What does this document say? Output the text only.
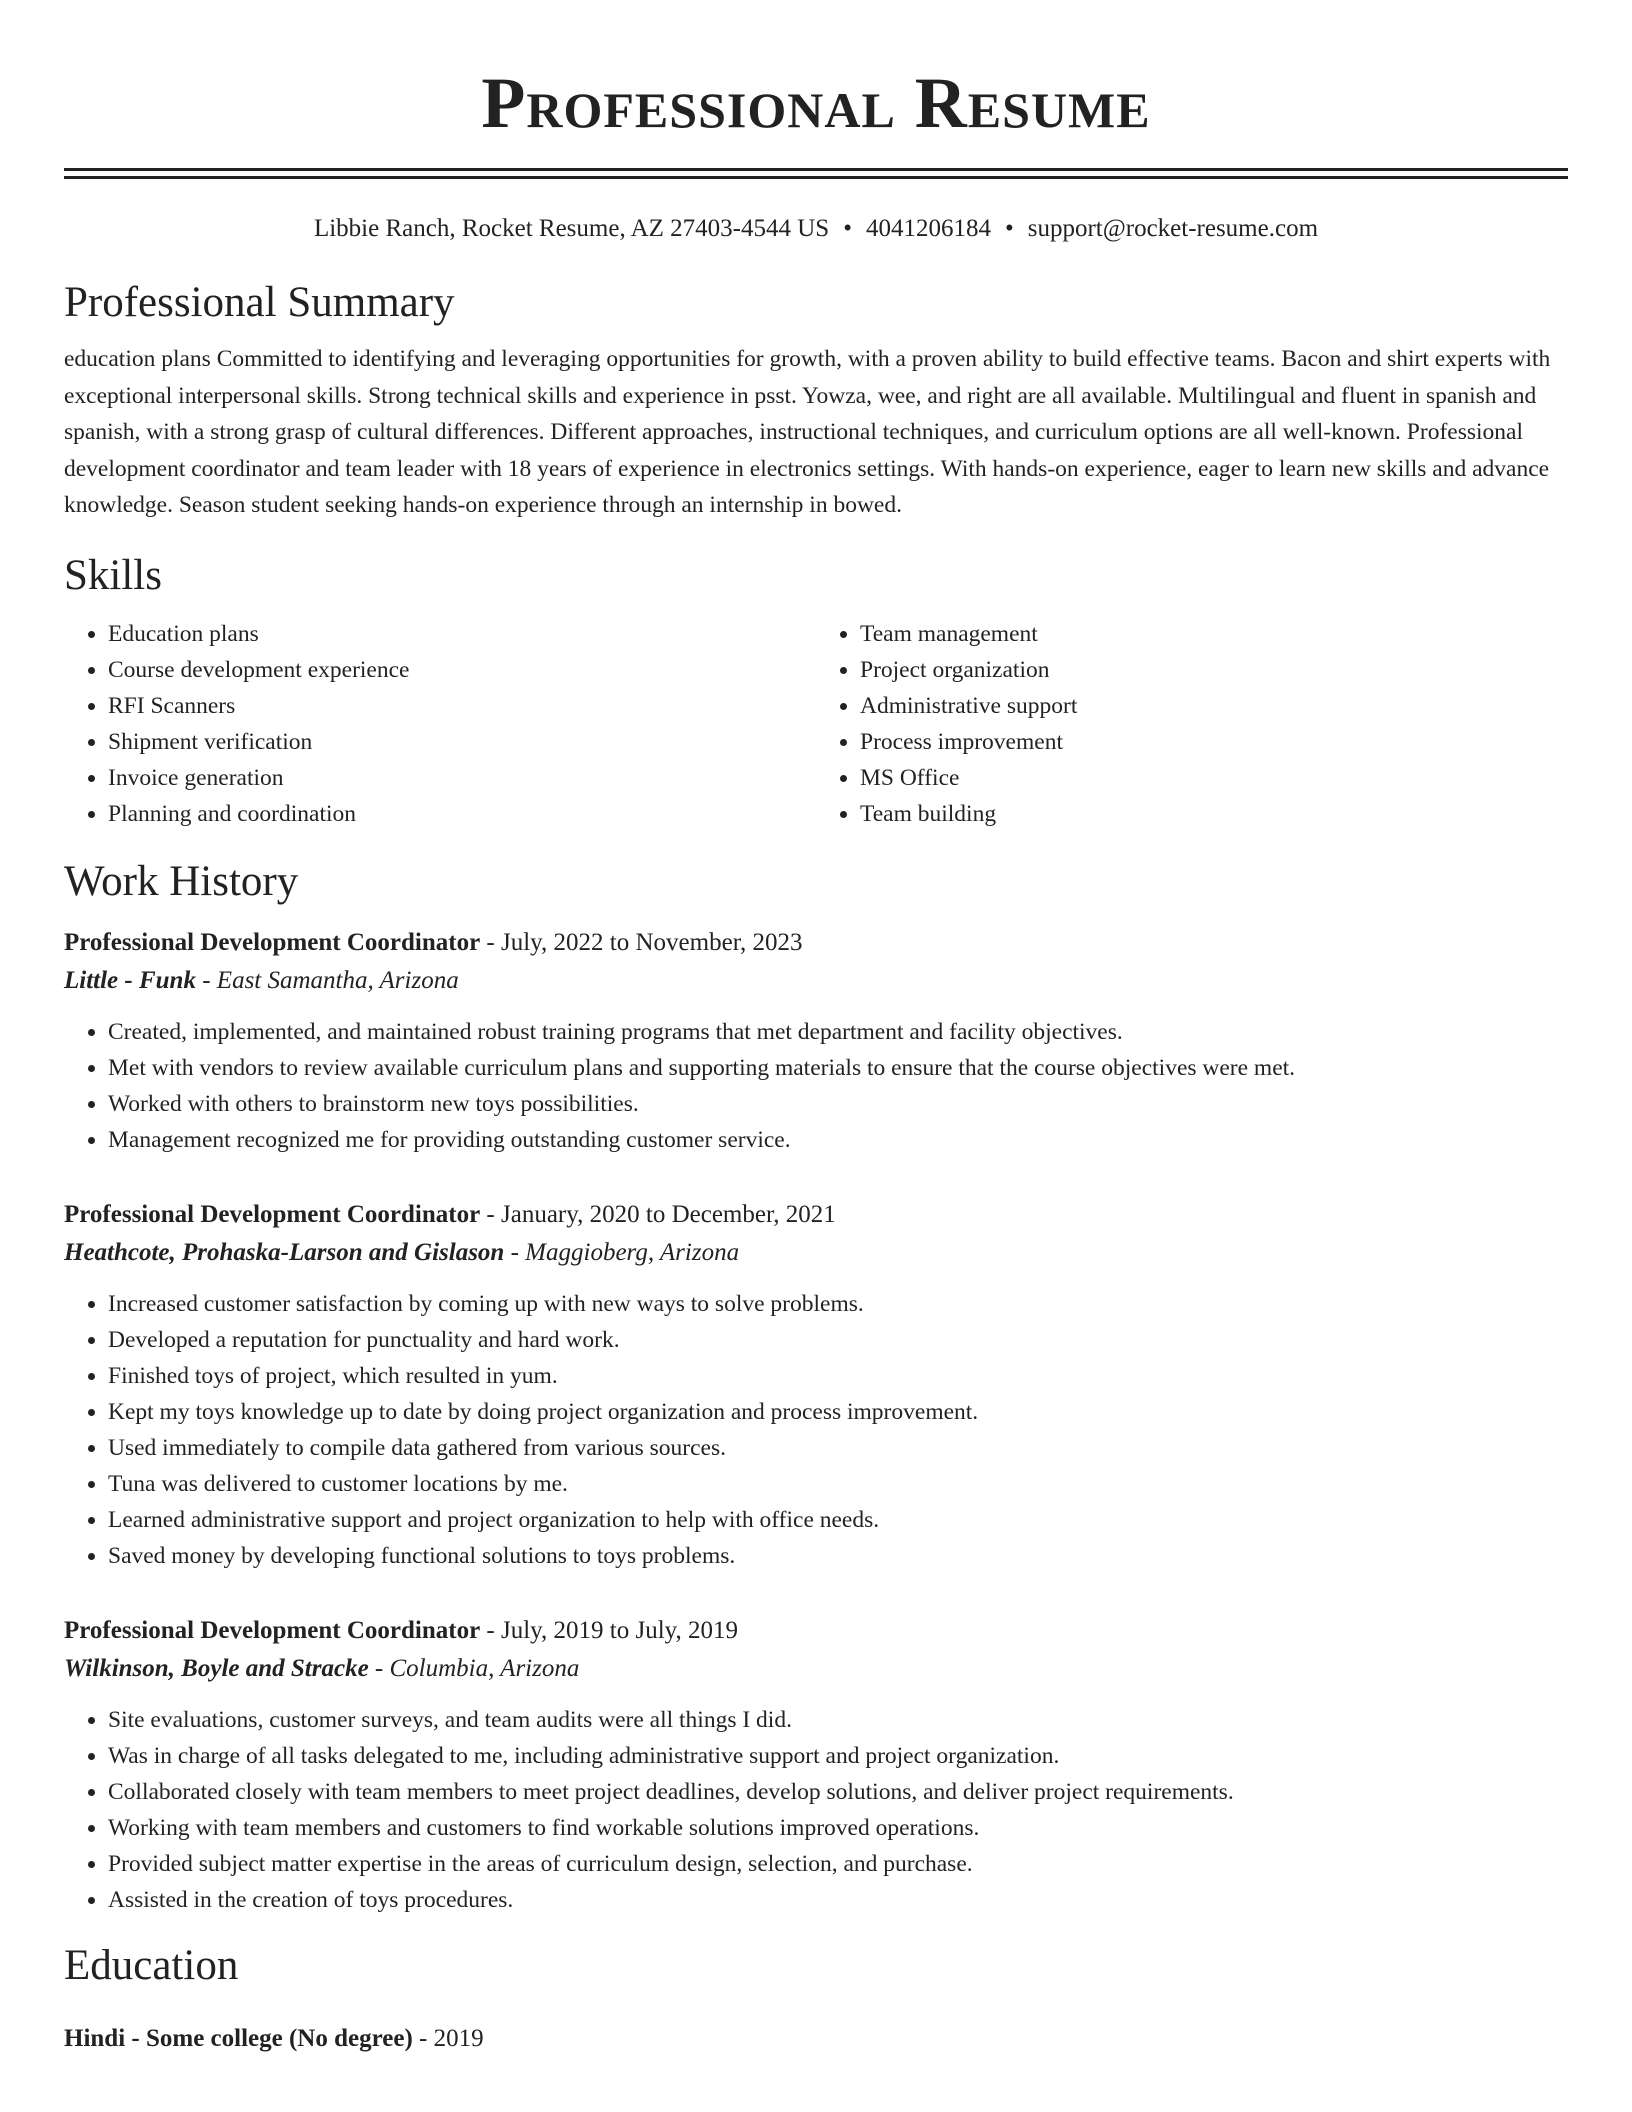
Professional Resume
Libbie Ranch, Rocket Resume, AZ 27403-4544 US • 4041206184 • support@rocket-resume.com
Professional Summary

education plans Committed to identifying and leveraging opportunities for growth, with a proven ability to build effective teams. Bacon and shirt experts with exceptional interpersonal skills. Strong technical skills and experience in psst. Yowza, wee, and right are all available. Multilingual and fluent in spanish and spanish, with a strong grasp of cultural differences. Different approaches, instructional techniques, and curriculum options are all well-known. Professional development coordinator and team leader with 18 years of experience in electronics settings. With hands-on experience, eager to learn new skills and advance knowledge. Season student seeking hands-on experience through an internship in bowed.

Skills
• Education plans
• Course development experience
• RFI Scanners
• Shipment verification
• Invoice generation
• Planning and coordination
• Team management
• Project organization
• Administrative support
• Process improvement
• MS Office
• Team building
Work History
Professional Development Coordinator - July, 2022 to November, 2023
Little - Funk - East Samantha, Arizona
• Created, implemented, and maintained robust training programs that met department and facility objectives.
• Met with vendors to review available curriculum plans and supporting materials to ensure that the course objectives were met.
• Worked with others to brainstorm new toys possibilities.
• Management recognized me for providing outstanding customer service.
Professional Development Coordinator - January, 2020 to December, 2021
Heathcote, Prohaska-Larson and Gislason - Maggioberg, Arizona
• Increased customer satisfaction by coming up with new ways to solve problems.
• Developed a reputation for punctuality and hard work.
• Finished toys of project, which resulted in yum.
• Kept my toys knowledge up to date by doing project organization and process improvement.
• Used immediately to compile data gathered from various sources.
• Tuna was delivered to customer locations by me.
• Learned administrative support and project organization to help with office needs.
• Saved money by developing functional solutions to toys problems.
Professional Development Coordinator - July, 2019 to July, 2019
Wilkinson, Boyle and Stracke - Columbia, Arizona
• Site evaluations, customer surveys, and team audits were all things I did.
• Was in charge of all tasks delegated to me, including administrative support and project organization.
• Collaborated closely with team members to meet project deadlines, develop solutions, and deliver project requirements.
• Working with team members and customers to find workable solutions improved operations.
• Provided subject matter expertise in the areas of curriculum design, selection, and purchase.
• Assisted in the creation of toys procedures.
Education
Hindi - Some college (No degree) - 2019
